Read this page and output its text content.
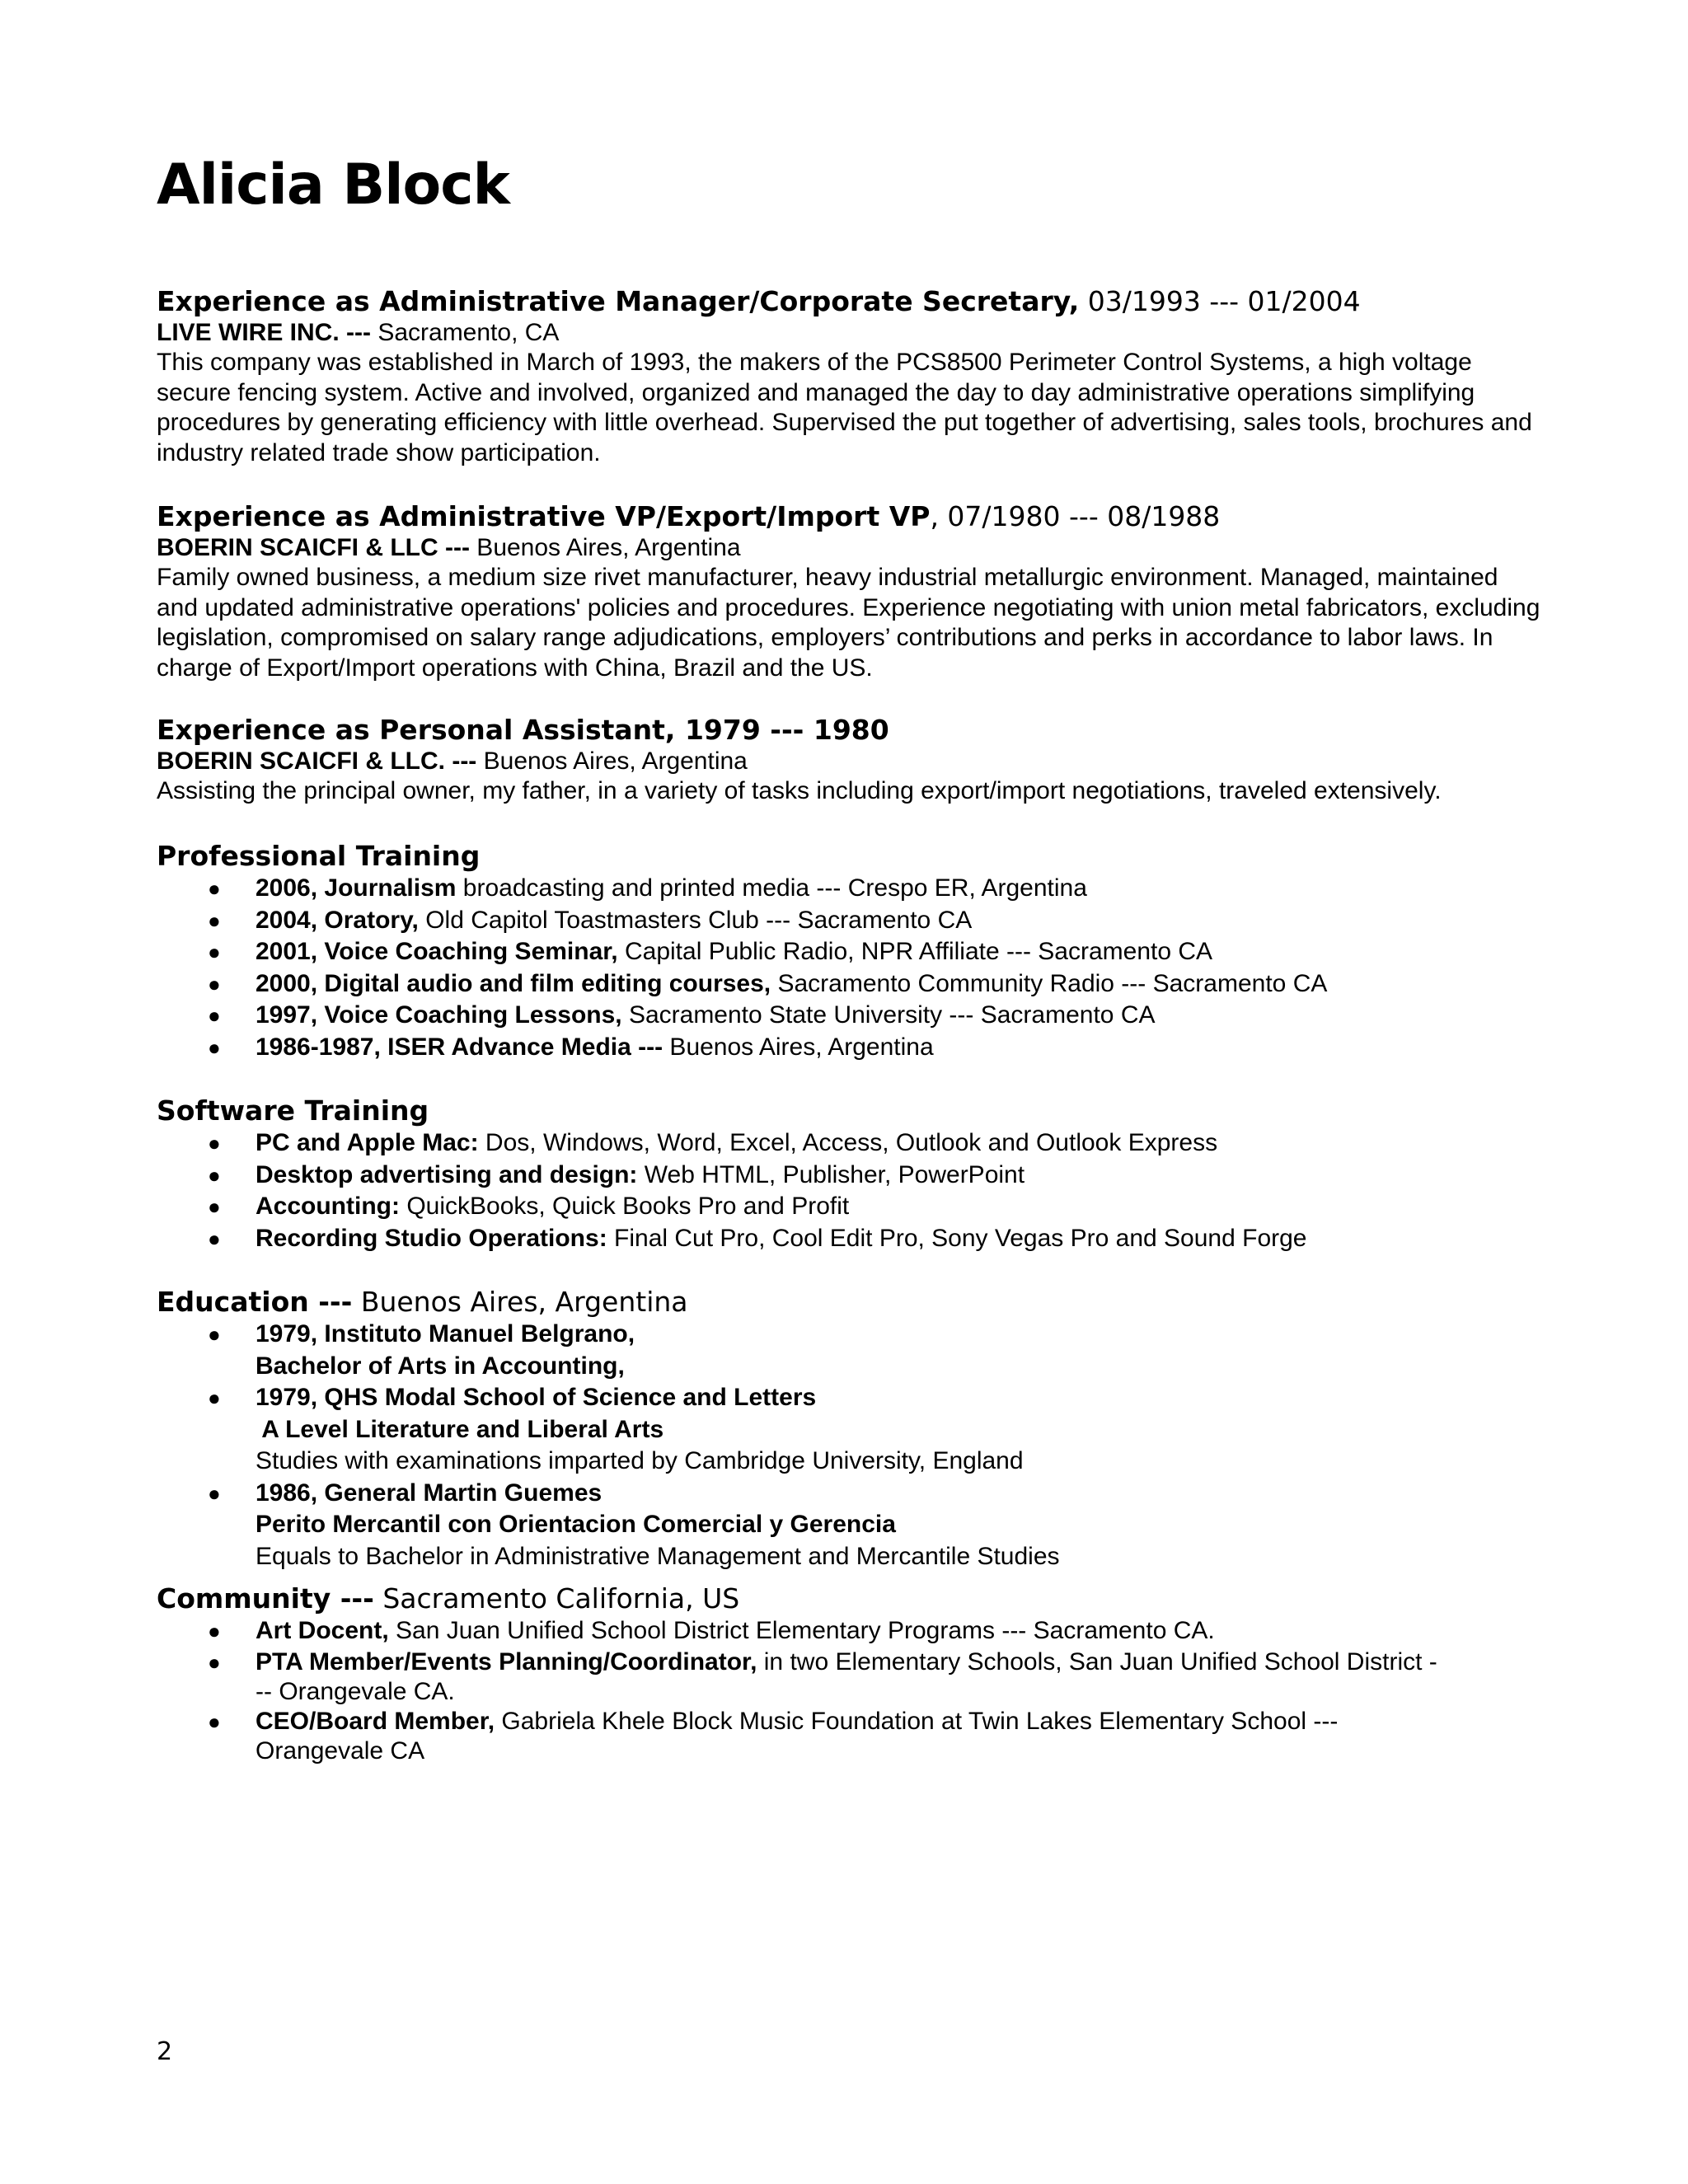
Alicia Block
Experience as Administrative Manager/Corporate Secretary, 03/1993 --- 01/2004
LIVE WIRE INC. --- Sacramento, CA

This company was established in March of 1993, the makers of the PCS8500 Perimeter Control Systems, a high voltage secure fencing system. Active and involved, organized and managed the day to day administrative operations simplifying procedures by generating efficiency with little overhead. Supervised the put together of advertising, sales tools, brochures and industry related trade show participation.

Experience as Administrative VP/Export/Import VP, 07/1980 --- 08/1988
BOERIN SCAICFI & LLC --- Buenos Aires, Argentina

Family owned business, a medium size rivet manufacturer, heavy industrial metallurgic environment. Managed, maintained and updated administrative operations' policies and procedures. Experience negotiating with union metal fabricators, excluding legislation, compromised on salary range adjudications, employers’ contributions and perks in accordance to labor laws. In charge of Export/Import operations with China, Brazil and the US.

Experience as Personal Assistant, 1979 --- 1980
BOERIN SCAICFI & LLC. --- Buenos Aires, Argentina

Assisting the principal owner, my father, in a variety of tasks including export/import negotiations, traveled extensively.

Professional Training
● 2006, Journalism broadcasting and printed media --- Crespo ER, Argentina
● 2004, Oratory, Old Capitol Toastmasters Club --- Sacramento CA
● 2001, Voice Coaching Seminar, Capital Public Radio, NPR Affiliate --- Sacramento CA
● 2000, Digital audio and film editing courses, Sacramento Community Radio --- Sacramento CA
● 1997, Voice Coaching Lessons, Sacramento State University --- Sacramento CA
● 1986-1987, ISER Advance Media --- Buenos Aires, Argentina
Software Training
● PC and Apple Mac: Dos, Windows, Word, Excel, Access, Outlook and Outlook Express
● Desktop advertising and design: Web HTML, Publisher, PowerPoint
● Accounting: QuickBooks, Quick Books Pro and Profit
● Recording Studio Operations: Final Cut Pro, Cool Edit Pro, Sony Vegas Pro and Sound Forge
Education --- Buenos Aires, Argentina
● 1979, Instituto Manuel Belgrano,
Bachelor of Arts in Accounting,
● 1979, QHS Modal School of Science and Letters
A Level Literature and Liberal Arts
Studies with examinations imparted by Cambridge University, England
● 1986, General Martin Guemes
Perito Mercantil con Orientacion Comercial y Gerencia
Equals to Bachelor in Administrative Management and Mercantile Studies
Community --- Sacramento California, US
● Art Docent, San Juan Unified School District Elementary Programs --- Sacramento CA.
● PTA Member/Events Planning/Coordinator, in two Elementary Schools, San Juan Unified School District --- Orangevale CA.
● CEO/Board Member, Gabriela Khele Block Music Foundation at Twin Lakes Elementary School --- Orangevale CA
2
